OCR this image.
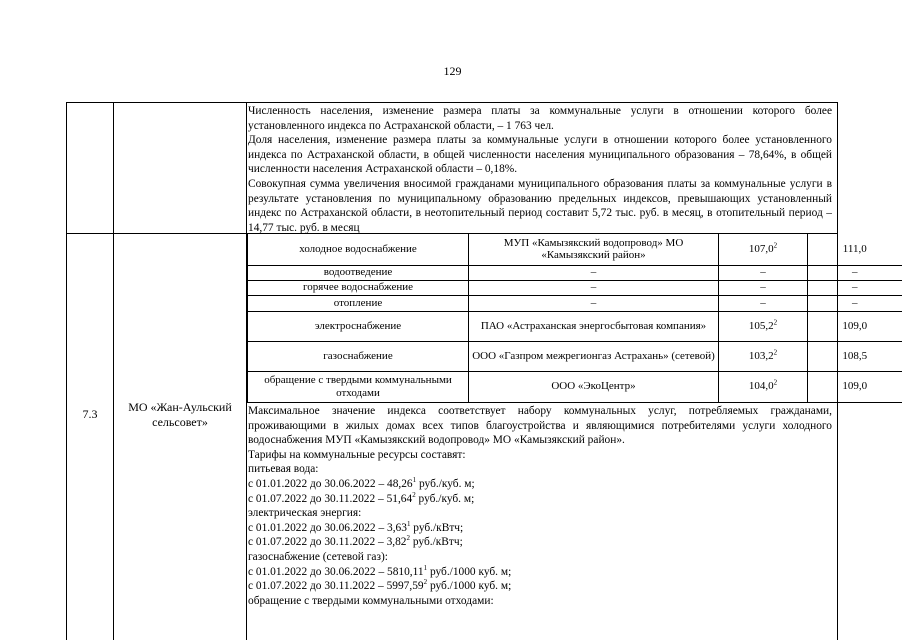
129

Численность населения, изменение размера платы за коммунальные услуги в отношении которого более установленного индекса по Астраханской области, – 1 763 чел.

Доля населения, изменение размера платы за коммунальные услуги в отношении которого более установленного индекса по Астраханской области, в общей численности населения муниципального образования – 78,64%, в общей численности населения Астраханской области – 0,18%.

Совокупная сумма увеличения вносимой гражданами муниципального образования платы за коммунальные услуги в результате установления по муниципальному образованию предельных индексов, превышающих установленный индекс по Астраханской области, в неотопительный период составит 5,72 тыс. руб. в месяц, в отопительный период – 14,77 тыс. руб. в месяц

7.3	МО «Жан-Аульский сельсовет»
холодное водоснабжение	МУП «Камызякский водопровод» МО «Камызякский район»	107,0$^2$	111,0
водоотведение	–	–	–
горячее водоснабжение	–	–	–
отопление	–	–	–
электроснабжение	ПАО «Астраханская энергосбытовая компания»	105,2$^2$	109,0
газоснабжение	ООО «Газпром межрегионгаз Астрахань» (сетевой)	103,2$^2$	108,5
обращение с твердыми коммунальными отходами	ООО «ЭкоЦентр»	104,0$^2$	109,0

Максимальное значение индекса соответствует набору коммунальных услуг, потребляемых гражданами, проживающими в жилых домах всех типов благоустройства и являющимися потребителями услуги холодного водоснабжения МУП «Камызякский водопровод» МО «Камызякский район».

Тарифы на коммунальные ресурсы составят:

питьевая вода:

с 01.01.2022 до 30.06.2022 – 48,26$^1$ руб./куб. м;

с 01.07.2022 до 30.11.2022 – 51,64$^2$ руб./куб. м;

электрическая энергия:

с 01.01.2022 до 30.06.2022 – 3,63$^1$ руб./кВтч;

с 01.07.2022 до 30.11.2022 – 3,82$^2$ руб./кВтч;

газоснабжение (сетевой газ):

с 01.01.2022 до 30.06.2022 – 5810,11$^1$ руб./1000 куб. м;

с 01.07.2022 до 30.11.2022 – 5997,59$^2$ руб./1000 куб. м;

обращение с твердыми коммунальными отходами:
